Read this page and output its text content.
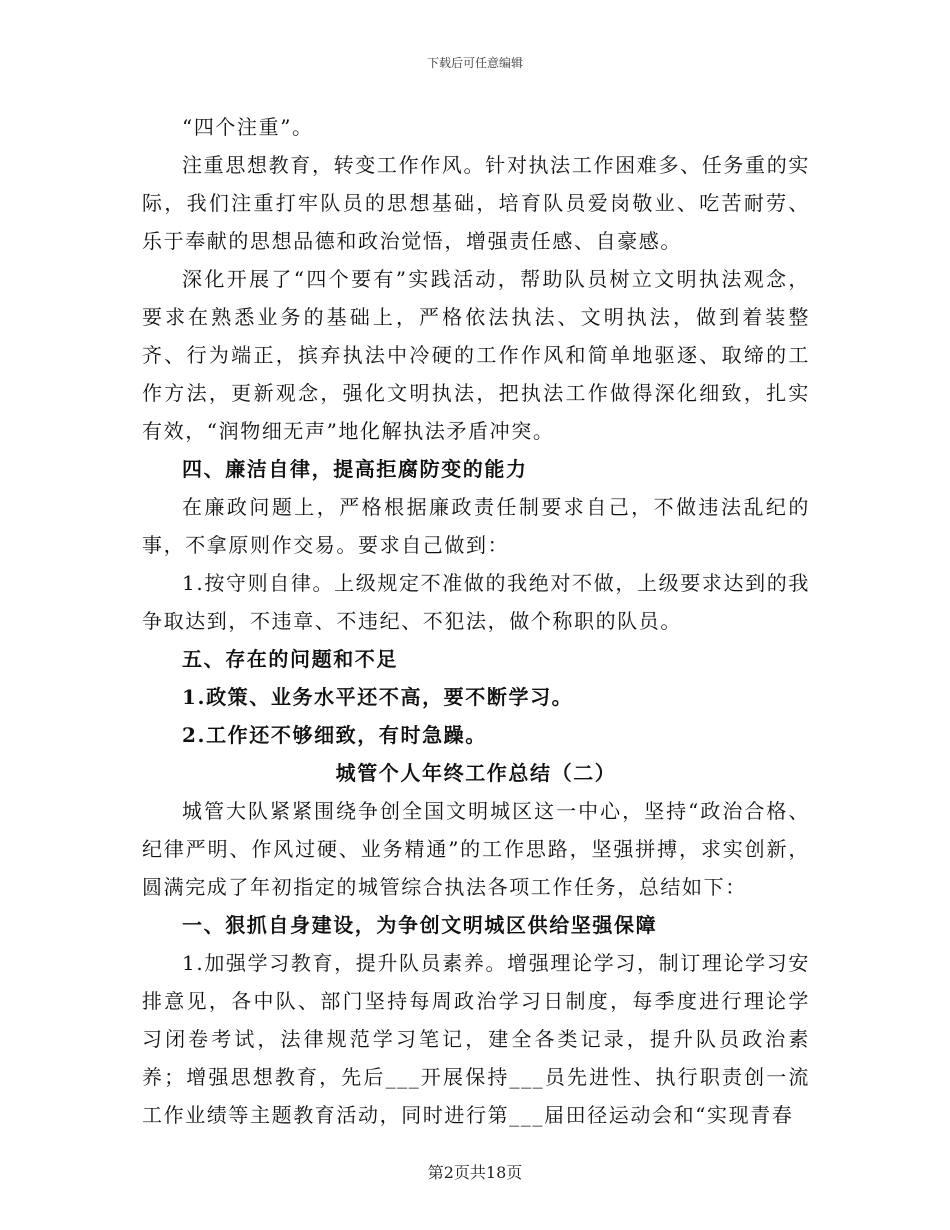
下载后可任意编辑

“四个注重”。

注重思想教育，转变工作作风。针对执法工作困难多、任务重的实际，我们注重打牢队员的思想基础，培育队员爱岗敬业、吃苦耐劳、乐于奉献的思想品德和政治觉悟，增强责任感、自豪感。

深化开展了“四个要有”实践活动，帮助队员树立文明执法观念，要求在熟悉业务的基础上，严格依法执法、文明执法，做到着装整齐、行为端正，摈弃执法中冷硬的工作作风和简单地驱逐、取缔的工作方法，更新观念，强化文明执法，把执法工作做得深化细致，扎实有效，“润物细无声”地化解执法矛盾冲突。

四、廉洁自律，提高拒腐防变的能力

在廉政问题上，严格根据廉政责任制要求自己，不做违法乱纪的事，不拿原则作交易。要求自己做到：

1.按守则自律。上级规定不准做的我绝对不做，上级要求达到的我争取达到，不违章、不违纪、不犯法，做个称职的队员。

五、存在的问题和不足

1.政策、业务水平还不高，要不断学习。

2.工作还不够细致，有时急躁。

城管个人年终工作总结（二）

城管大队紧紧围绕争创全国文明城区这一中心，坚持“政治合格、纪律严明、作风过硬、业务精通”的工作思路，坚强拼搏，求实创新，圆满完成了年初指定的城管综合执法各项工作任务，总结如下：

一、狠抓自身建设，为争创文明城区供给坚强保障

1.加强学习教育，提升队员素养。增强理论学习，制订理论学习安排意见，各中队、部门坚持每周政治学习日制度，每季度进行理论学习闭卷考试，法律规范学习笔记，建全各类记录，提升队员政治素养；增强思想教育，先后___开展保持___员先进性、执行职责创一流工作业绩等主题教育活动，同时进行第___届田径运动会和“实现青春

第2页共18页
